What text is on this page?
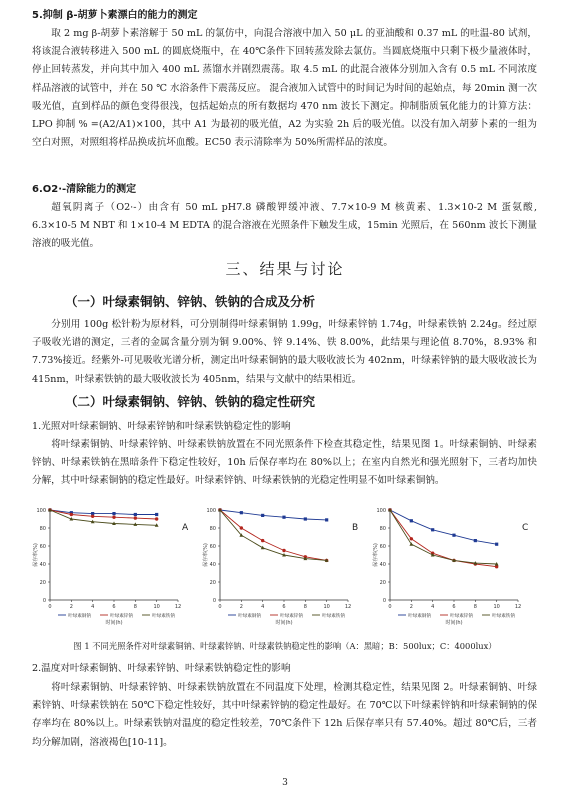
5.抑制 β-胡萝卜素漂白的能力的测定
取 2 mg β-胡萝卜素溶解于 50 mL 的氯仿中，向混合溶液中加入 50 μL 的亚油酸和 0.37 mL 的吐温-80 试剂，将该混合液转移进入 500 mL 的圆底烧瓶中，在 40℃条件下回转蒸发除去氯仿。当圆底烧瓶中只剩下极少量液体时，停止回转蒸发，并向其中加入 400 mL 蒸馏水并剧烈震荡。取 4.5 mL 的此混合液体分别加入含有 0.5 mL 不同浓度样品溶液的试管中，并在 50 ℃ 水浴条件下震荡反应。 混合液加入试管中的时间记为时间的起始点，每 20min 测一次吸光值，直到样品的颜色变得很浅，包括起始点的所有数据均 470 nm 波长下测定。抑制脂质氧化能力的计算方法：LPO 抑制 % =(A2/A1)×100，其中 A1 为最初的吸光值，A2 为实验 2h 后的吸光值。以没有加入胡萝卜素的一组为空白对照，对照组将样品换成抗坏血酸。EC50 表示清除率为 50%所需样品的浓度。
6.O2·-清除能力的测定
超氧阴离子（O2·-）由含有 50 mL pH7.8 磷酸钾缓冲液、7.7×10-9 M 核黄素、1.3×10-2 M 蛋氨酸, 6.3×10-5 M NBT 和 1×10-4 M EDTA 的混合溶液在光照条件下触发生成，15min 光照后，在 560nm 波长下测量溶液的吸光值。
三、结果与讨论
（一）叶绿素铜钠、锌钠、铁钠的合成及分析
分别用 100g 松针粉为原材料，可分别制得叶绿素铜钠 1.99g，叶绿素锌钠 1.74g，叶绿素铁钠 2.24g。经过原子吸收光谱的测定，三者的金属含量分别为铜 9.00%、锌 9.14%、铁 8.00%，此结果与理论值 8.70%，8.93% 和 7.73%接近。经紫外-可见吸收光谱分析，测定出叶绿素铜钠的最大吸收波长为 402nm，叶绿素锌钠的最大吸收波长为 415nm，叶绿素铁钠的最大吸收波长为 405nm，结果与文献中的结果相近。
（二）叶绿素铜钠、锌钠、铁钠的稳定性研究
1.光照对叶绿素铜钠、叶绿素锌钠和叶绿素铁钠稳定性的影响
将叶绿素铜钠、叶绿素锌钠、叶绿素铁钠放置在不同光照条件下检查其稳定性，结果见图 1。叶绿素铜钠、叶绿素锌钠、叶绿素铁钠在黑暗条件下稳定性较好，10h 后保存率均在 80%以上；在室内自然光和强光照射下，三者均加快分解，其中叶绿素铜钠的稳定性最好。叶绿素锌钠、叶绿素铁钠的光稳定性明显不如叶绿素铜钠。
0
20
40
60
80
100
0	2	4	6	8	10	12
时间(h)
保存率(%)
A
叶绿素铜钠	叶绿素锌钠	叶绿素铁钠
0
20
40
60
80
100
0	2	4	6	8	10	12
时间(h)
保存率(%)
B
叶绿素铜钠	叶绿素锌钠	叶绿素铁钠
0
20
40
60
80
100
0	2	4	6	8	10	12
时间(h)
保存率(%)
C
叶绿素铜钠	叶绿素锌钠	叶绿素铁钠
图 1 不同光照条件对叶绿素铜钠、叶绿素锌钠、叶绿素铁钠稳定性的影响（A：黑暗；B：500lux；C：4000lux）
2.温度对叶绿素铜钠、叶绿素锌钠、叶绿素铁钠稳定性的影响
将叶绿素铜钠、叶绿素锌钠、叶绿素铁钠放置在不同温度下处理，检测其稳定性，结果见图 2。叶绿素铜钠、叶绿素锌钠、叶绿素铁钠在 50℃下稳定性较好，其中叶绿素锌钠的稳定性最好。在 70℃以下叶绿素锌钠和叶绿素铜钠的保存率均在 80%以上。叶绿素铁钠对温度的稳定性较差，70℃条件下 12h 后保存率只有 57.40%。超过 80℃后，三者均分解加剧，溶液褐色[10-11]。
3
